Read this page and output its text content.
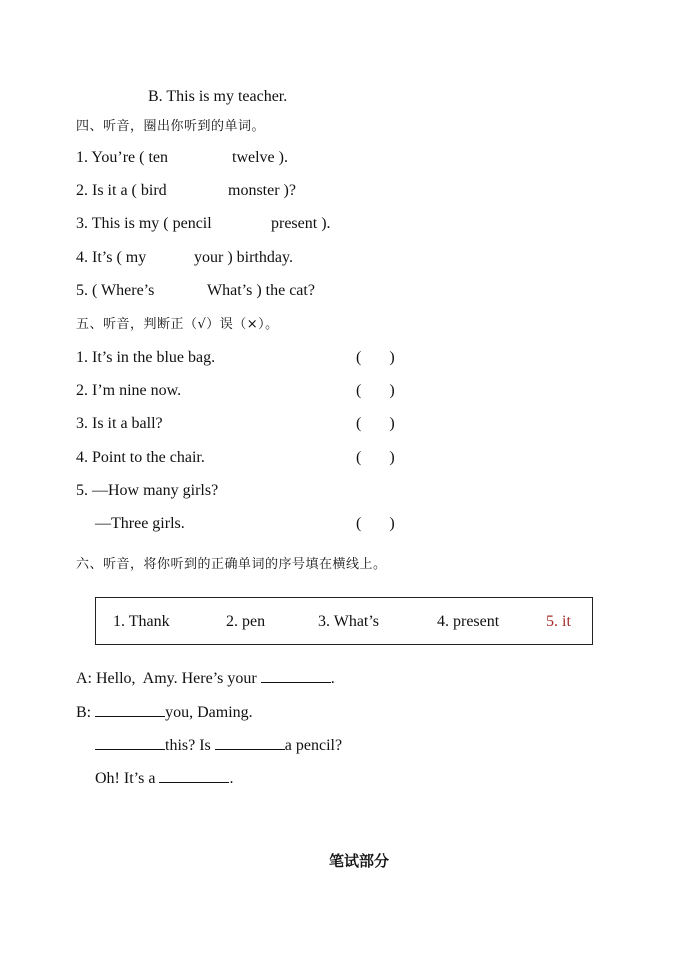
B. This is my teacher.
四、听音，圈出你听到的单词。
1. You’re ( ten	twelve ).
2. Is it a ( bird	monster )?
3. This is my ( pencil	present ).
4. It’s ( my	your ) birthday.
5. ( Where’s	What’s ) the cat?
五、听音，判断正（√）误（×）。
1. It’s in the blue bag.	( )
2. I’m nine now.	( )
3. Is it a ball?	( )
4. Point to the chair.	( )
5. —How many girls?
—Three girls.	( )
六、听音，将你听到的正确单词的序号填在横线上。
1. Thank	2. pen	3. What’s	4. present	5. it
A: Hello,  Amy. Here’s your	.
B:	you, Daming.
this? Is	a pencil?
Oh! It’s a	.
笔试部分
